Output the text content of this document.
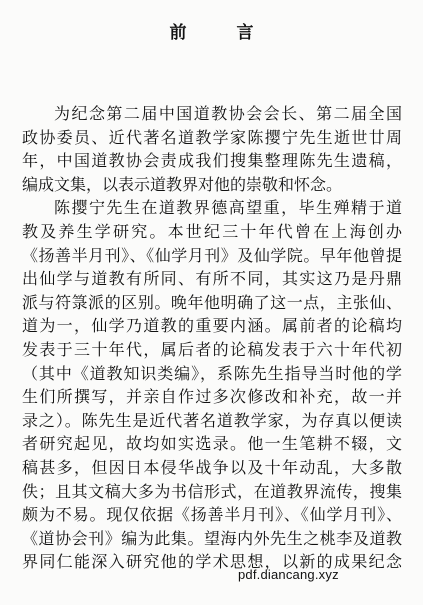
前 言
为纪念第二届中国道教协会会长、第二届全国
政协委员、近代著名道教学家陈撄宁先生逝世廿周
年，中国道教协会责成我们搜集整理陈先生遗稿，
编成文集，以表示道教界对他的崇敬和怀念。
陈撄宁先生在道教界德高望重，毕生殚精于道
教及养生学研究。本世纪三十年代曾在上海创办
《扬善半月刊》、《仙学月刊》及仙学院。早年他曾提
出仙学与道教有所同、有所不同，其实这乃是丹鼎
派与符箓派的区别。晚年他明确了这一点，主张仙、
道为一，仙学乃道教的重要内涵。属前者的论稿均
发表于三十年代，属后者的论稿发表于六十年代初
（其中《道教知识类编》，系陈先生指导当时他的学
生们所撰写，并亲自作过多次修改和补充，故一并
录之）。陈先生是近代著名道教学家，为存真以便读
者研究起见，故均如实选录。他一生笔耕不辍，文
稿甚多，但因日本侵华战争以及十年动乱，大多散
佚；且其文稿大多为书信形式，在道教界流传，搜集
颇为不易。现仅依据《扬善半月刊》、《仙学月刊》、
《道协会刊》编为此集。望海内外先生之桃李及道教
界同仁能深入研究他的学术思想，以新的成果纪念
pdf.diancang.xyz
